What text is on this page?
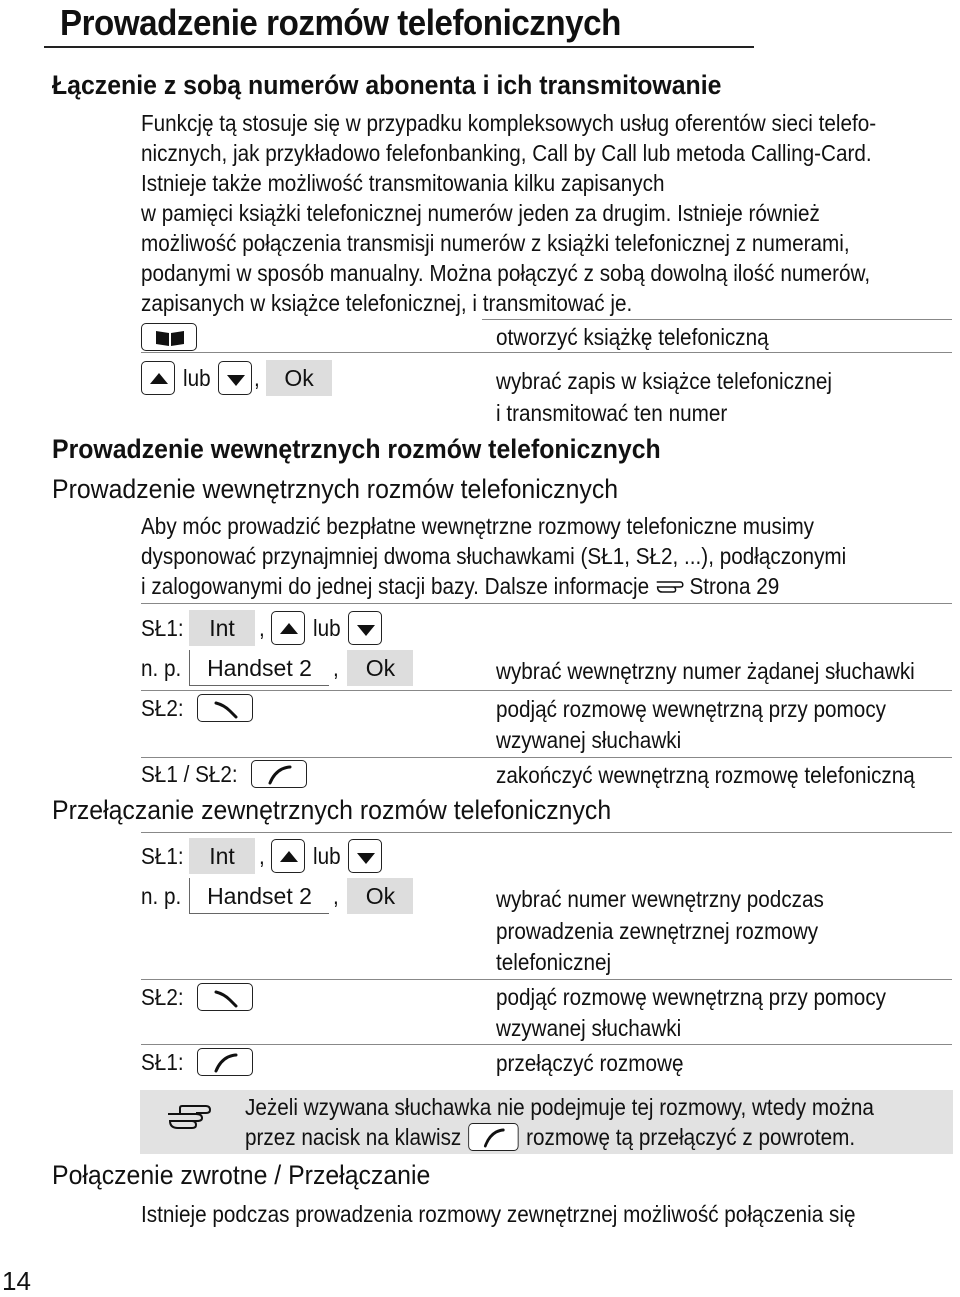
Prowadzenie rozmów telefonicznych
Łączenie z sobą numerów abonenta i ich transmitowanie
Funkcję tą stosuje się w przypadku kompleksowych usług oferentów sieci telefo-
nicznych, jak przykładowo felefonbanking, Call by Call lub metoda Calling-Card.
Istnieje także możliwość transmitowania kilku zapisanych
w pamięci książki telefonicznej numerów jeden za drugim. Istnieje również
możliwość połączenia transmisji numerów z książki telefonicznej z numerami,
podanymi w sposób manualny. Można połączyć z sobą dowolną ilość numerów,
zapisanych w książce telefonicznej, i transmitować je.
otworzyć książkę telefoniczną
lub ,	Ok	wybrać zapis w książce telefonicznej
i transmitować ten numer
Prowadzenie wewnętrznych rozmów telefonicznych
Prowadzenie wewnętrznych rozmów telefonicznych
Aby móc prowadzić bezpłatne wewnętrzne rozmowy telefoniczne musimy
dysponować przynajmniej dwoma słuchawkami (SŁ1, SŁ2, ...), podłączonymi
i zalogowanymi do jednej stacji bazy. Dalsze informacje Strona 29
SŁ1:	Int	, lub
n. p.	Handset 2 ,	Ok	wybrać wewnętrzny numer żądanej słuchawki
SŁ2:	podjąć rozmowę wewnętrzną przy pomocy
wzywanej słuchawki
SŁ1 / SŁ2:	zakończyć wewnętrzną rozmowę telefoniczną
Przełączanie zewnętrznych rozmów telefonicznych
SŁ1:	Int	, lub
n. p.	Handset 2 ,	Ok	wybrać numer wewnętrzny podczas
prowadzenia zewnętrznej rozmowy
telefonicznej
SŁ2:	podjąć rozmowę wewnętrzną przy pomocy
wzywanej słuchawki
SŁ1:	przełączyć rozmowę
Jeżeli wzywana słuchawka nie podejmuje tej rozmowy, wtedy można
przez nacisk na klawisz	rozmowę tą przełączyć z powrotem.
Połączenie zwrotne / Przełączanie
Istnieje podczas prowadzenia rozmowy zewnętrznej możliwość połączenia się
14
